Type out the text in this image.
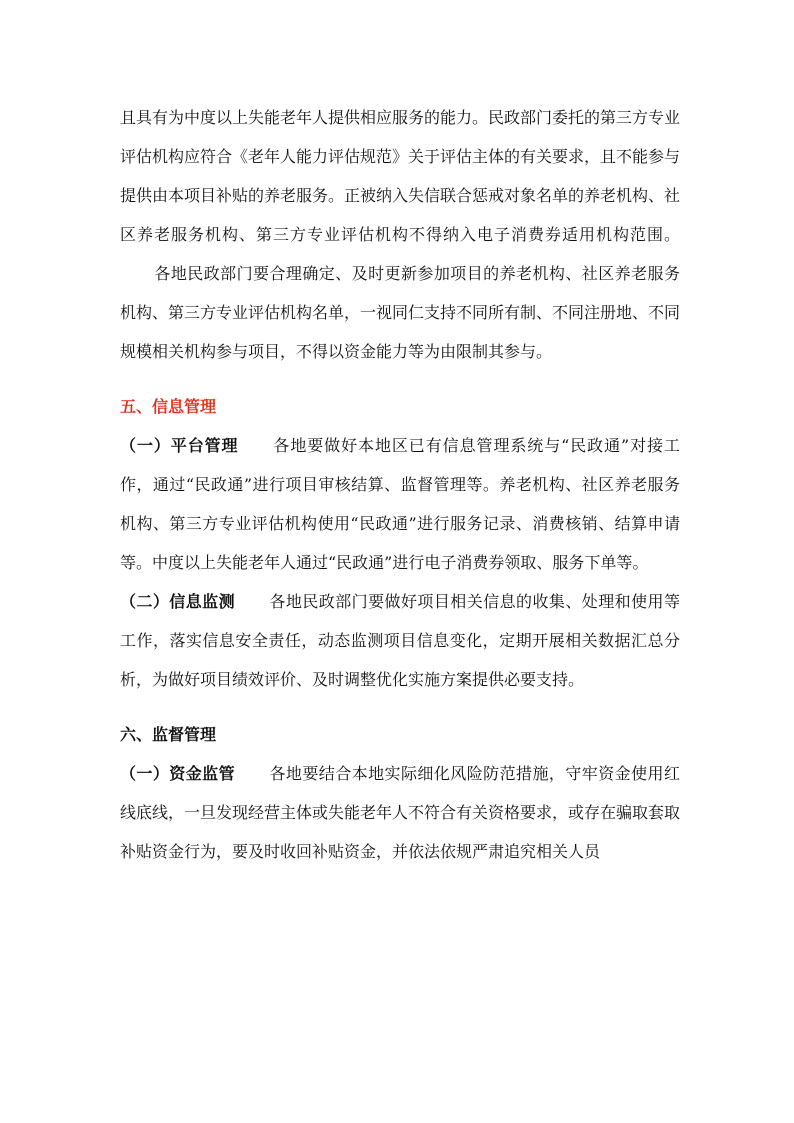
且具有为中度以上失能老年人提供相应服务的能力。民政部门委托的第三方专业评估机构应符合《老年人能力评估规范》关于评估主体的有关要求，且不能参与提供由本项目补贴的养老服务。正被纳入失信联合惩戒对象名单的养老机构、社区养老服务机构、第三方专业评估机构不得纳入电子消费券适用机构范围。各地民政部门要合理确定、及时更新参加项目的养老机构、社区养老服务机构、第三方专业评估机构名单，一视同仁支持不同所有制、不同注册地、不同规模相关机构参与项目，不得以资金能力等为由限制其参与。

五、信息管理

（一）平台管理 各地要做好本地区已有信息管理系统与“民政通”对接工作，通过“民政通”进行项目审核结算、监督管理等。养老机构、社区养老服务机构、第三方专业评估机构使用“民政通”进行服务记录、消费核销、结算申请等。中度以上失能老年人通过“民政通”进行电子消费券领取、服务下单等。

（二）信息监测 各地民政部门要做好项目相关信息的收集、处理和使用等工作，落实信息安全责任，动态监测项目信息变化，定期开展相关数据汇总分析，为做好项目绩效评价、及时调整优化实施方案提供必要支持。

六、监督管理

（一）资金监管 各地要结合本地实际细化风险防范措施，守牢资金使用红线底线，一旦发现经营主体或失能老年人不符合有关资格要求，或存在骗取套取补贴资金行为，要及时收回补贴资金，并依法依规严肃追究相关人员
